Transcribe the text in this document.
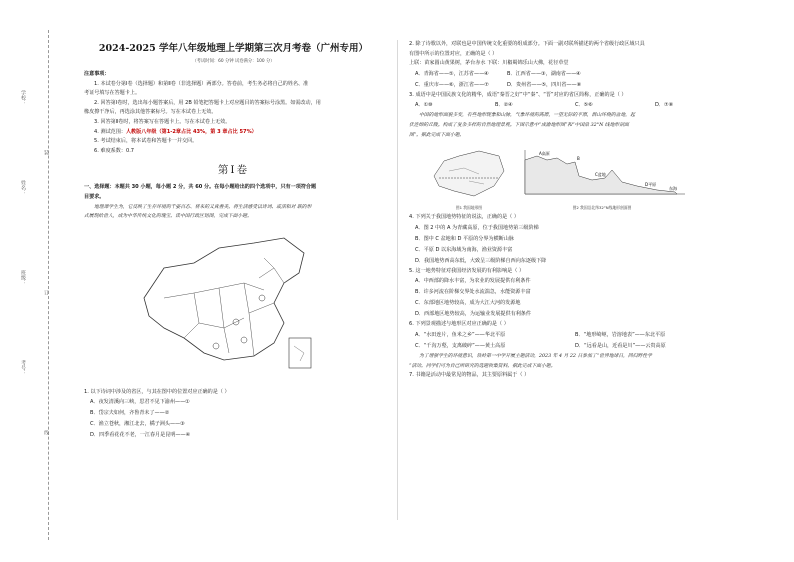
学校：
姓名：
班级：
考号：
装
订
线
2024-2025 学年八年级地理上学期第三次月考卷（广州专用）
（考试时间：60 分钟 试卷满分：100 分）

注意事项：

1. 本试卷分第Ⅰ卷（选择题）和第Ⅱ卷（非选择题）两部分。答卷前，考生务必将自己的姓名、准

考证号填写在答题卡上。

2. 回答第Ⅰ卷时，选出每小题答案后，用 2B 铅笔把答题卡上对应题目的答案标号涂黑。如需改动，用

橡皮擦干净后，再选涂其他答案标号。写在本试卷上无效。

3. 回答第Ⅱ卷时，将答案写在答题卡上。写在本试卷上无效。

4. 测试范围：人教版八年级（第1-2章占比 43%，第 3 章占比 57%）

5. 考试结束后，将本试卷和答题卡一并交回。

6. 难度系数：0.7

第Ⅰ卷

一、选择题：本题共 30 小题，每小题 2 分，共 60 分。在每小题给出的四个选项中，只有一项符合题

目要求。

地理课学生为，它反映了生存环境的千姿百态、将来的又真善美。将生活感受以诗词、或活和对 联的形

式展现给世人，成为中华传统文化的瑰宝。读中国行政区划图，完成下面小题。

1. 以下诗词中涉及的省区，与其在图中的位置对应正确的是（ ）

A．夜发清溪向三峡，思君不见下渝州——①
B．岱宗夫如何，齐鲁青未了——②
C．渔立苍秋，湘江北去，橘子洲头——③
D．四季看花花不老，一江春月是昆明——④

2. 除了诗歌以外，对联也是中国传统文化重要的组成部分。下面一副对联所描述的两个省级行政区域只具

有图中所示的位置对应，正确的是（ ）

上联：苗家圆山黄果树，茅台赤水 下联：川椒蜀锦乐山大佛，花径草堂

A．青海省——⑤，江苏省——④	B．江西省——③，湖南省——④
C．重庆市——⑥，浙江省——⑦	D．贵州省——⑤，四川省——⑧

3. 成语中是中国民族文化的精华，成语“秦晋之好”中“秦”、“晋”对应的省区简称，正确的是（ ）

A．①⑩	B．②④	C．⑤⑥	D．⑦⑧

中国的地形面貌多变，有些地形现象和山脉，气象环境的高原，一望无际的平原，群山环绕的盆地，起

伏连绵的丘陵。构成了复杂多样的自然地理景观。下图示意中“成渝地形图”和“中国沿 32°N 线地形剖面

图”。据此完成下面小题。

图1 我国地形图
A高原
B
C盆地
D平原
东海
图2 我国沿北纬32°N线地形剖面图

4. 下列关于我国地势特征的说法，正确的是（ ）

A．图 2 中的 A 为青藏高原，位于我国地势第三级阶梯
B．图中 C 盆地和 D 平原的分界为横断山脉
C．平原 D 以东海域为南海，渔业资源丰富
D．我国地势西高东低，大致呈三级阶梯自西向东逐级下降

5. 这一地势特征对我国经济发展的有利影响是（ ）

A．中西部的降水丰富，为农业的发展提供有利条件
B．许多河流在阶梯交界处水流湍急，水能资源丰富
C．东部地区地势较高，成为大江大河的发源地
D．西部地区地势较高，为运输业发展提供有利条件

6. 下列景观描述与地形区对应正确的是（ ）

A．“水田连片，鱼米之乡”——华北平原	B．“地形崎岖，岩溶地表”——东北平原
C．“千沟万壑，支离破碎”——黄土高原	D．“远看是山，近看是川”——云贵高原

为了增强学生的环境意识，铁岭第一中学开展主题活动，2023 年 4 月 22 日参加了“世界地球日，回归野性学

”活动。同学们可为自己所研究的选题收集资料。据此完成下面小题。

7. 书籍是活动中最常见的物品，其主要原料属于（ ）
